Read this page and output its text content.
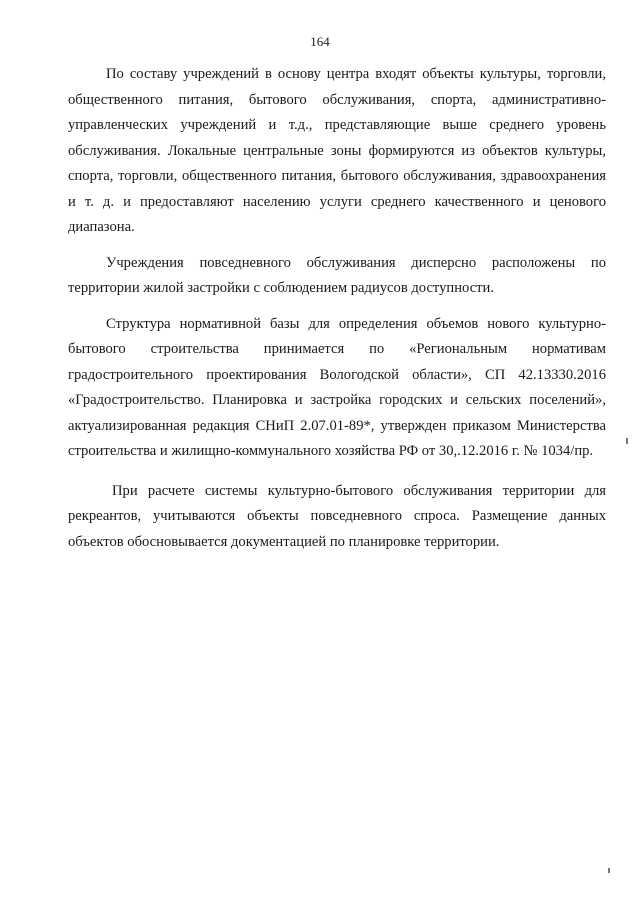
164

По составу учреждений в основу центра входят объекты культуры, торговли, общественного питания, бытового обслуживания, спорта, административно-управленческих учреждений и т.д., представляющие выше среднего уровень обслуживания. Локальные центральные зоны формируются из объектов культуры, спорта, торговли, общественного питания, бытового обслуживания, здравоохранения и т. д. и предоставляют населению услуги среднего качественного и ценового диапазона.

Учреждения повседневного обслуживания дисперсно расположены по территории жилой застройки с соблюдением радиусов доступности.

Структура нормативной базы для определения объемов нового культурно-бытового строительства принимается по «Региональным нормативам градостроительного проектирования Вологодской области», СП 42.13330.2016 «Градостроительство. Планировка и застройка городских и сельских поселений», актуализированная редакция СНиП 2.07.01-89*, утвержден приказом Министерства строительства и жилищно-коммунального хозяйства РФ от 30,.12.2016 г. № 1034/пр.

При расчете системы культурно-бытового обслуживания территории для рекреантов, учитываются объекты повседневного спроса. Размещение данных объектов обосновывается документацией по планировке территории.
